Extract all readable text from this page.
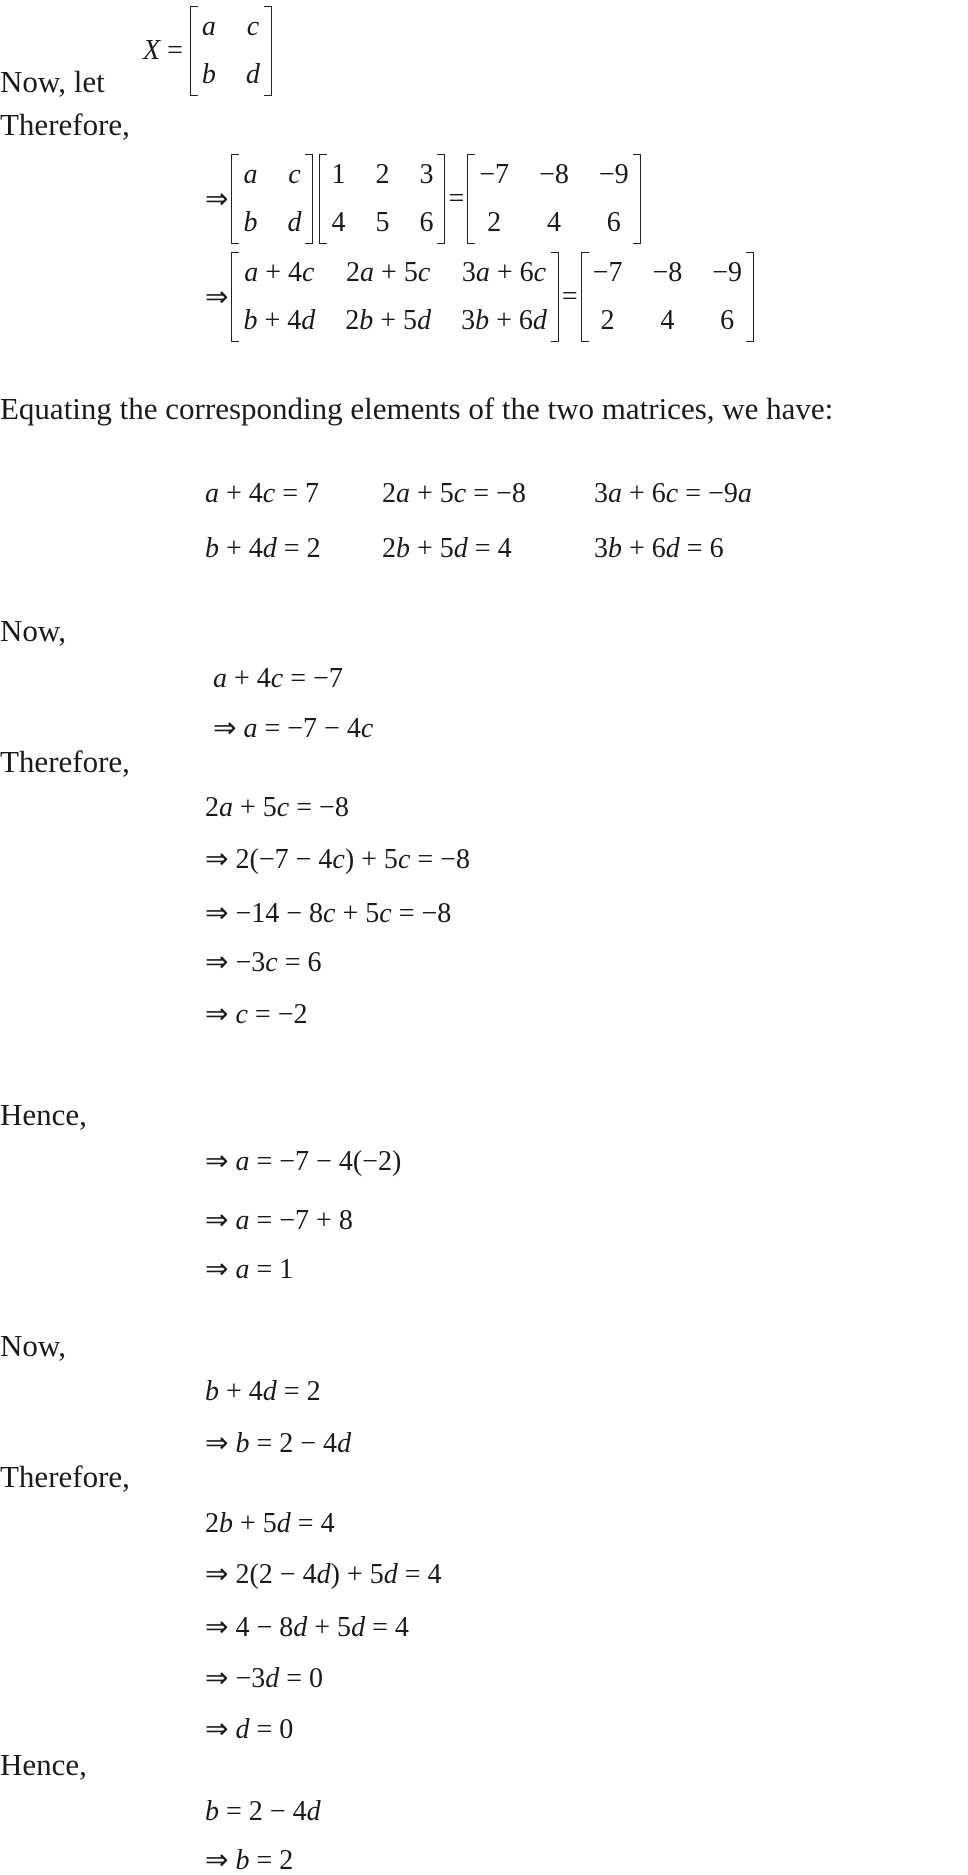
X =
a c
b d
Now, let
Therefore,
⇒
a c
b d
1 2 3
4 5 6
=
−7 −8 −9
2 4 6
⇒
a + 4c 2a + 5c 3a + 6c
b + 4d 2b + 5d 3b + 6d
=
−7 −8 −9
2 4 6
Equating the corresponding elements of the two matrices, we have:
a + 4c = 7 2a + 5c = −8 3a + 6c = −9a
b + 4d = 2 2b + 5d = 4	3b + 6d = 6
Now,
a + 4c = −7
⇒ a = −7 − 4c
Therefore,
2a + 5c = −8
⇒ 2(−7 − 4c) + 5c = −8
⇒ −14 − 8c + 5c = −8
⇒ −3c = 6
⇒ c = −2
Hence,
⇒ a = −7 − 4(−2)
⇒ a = −7 + 8
⇒ a = 1
Now,
b + 4d = 2
⇒ b = 2 − 4d
Therefore,
2b + 5d = 4
⇒ 2(2 − 4d) + 5d = 4
⇒ 4 − 8d + 5d = 4
⇒ −3d = 0
⇒ d = 0
Hence,
b = 2 − 4d
⇒ b = 2
